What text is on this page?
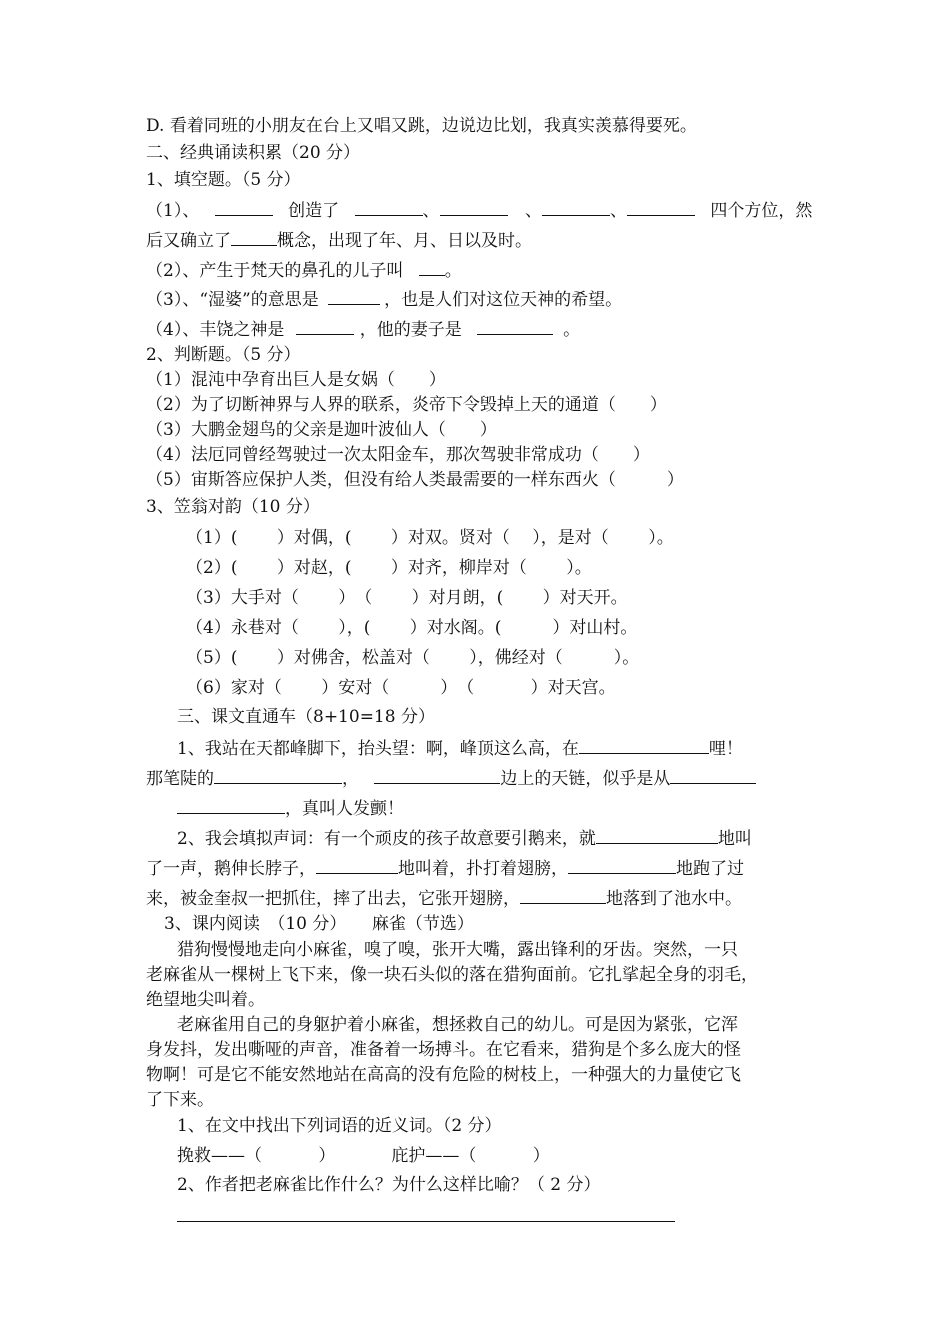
D. 看着同班的小朋友在台上又唱又跳，边说边比划，我真实羡慕得要死。
二、经典诵读积累（20 分）
1、填空题。（5 分）
（1）、	创造了	、	、	、	四个方位，然
后又确立了	概念，出现了年、月、日以及时。
（2）、产生于梵天的鼻孔的儿子叫 。
（3）、“湿婆”的意思是	，也是人们对这位天神的希望。
（4）、丰饶之神是	，他的妻子是	。
2、判断题。（5 分）
（1）混沌中孕育出巨人是女娲（　　）
（2）为了切断神界与人界的联系，炎帝下令毁掉上天的通道（　　）
（3）大鹏金翅鸟的父亲是迦叶波仙人（　　）
（4）法厄同曾经驾驶过一次太阳金车，那次驾驶非常成功（　　）
（5）宙斯答应保护人类，但没有给人类最需要的一样东西火（　　　）
3、笠翁对韵（10 分）
（1）(　　 ）对偶，(　　 ）对双。贤对（　 ），是对（　　 ）。
（2）(　　 ）对赵，(　　 ）对齐，柳岸对（　　 ）。
（3）大手对（　　 ）　（　　 ）对月朗，(　　 ）对天开。
（4）永巷对（　　 ），(　　 ）对水阁。(　　　）对山村。
（5）(　　 ）对佛舍，松盖对（　　 ），佛经对（　　　）。
（6）家对（　　 ）安对（　　　）　（　　　 ）对天宫。
三、课文直通车（8+10=18 分）
1、我站在天都峰脚下，抬头望：啊，峰顶这么高，在	哩！
那笔陡的	，	边上的天链，似乎是从
，真叫人发颤！
2、我会填拟声词：有一个顽皮的孩子故意要引鹅来，就	地叫
了一声，鹅伸长脖子，	地叫着，扑打着翅膀，	地跑了过
来，被金奎叔一把抓住，摔了出去，它张开翅膀，	地落到了池水中。
3、课内阅读　（10 分）　　麻雀（节选）
猎狗慢慢地走向小麻雀，嗅了嗅，张开大嘴，露出锋利的牙齿。突然，一只
老麻雀从一棵树上飞下来，像一块石头似的落在猎狗面前。它扎挲起全身的羽毛，
绝望地尖叫着。
老麻雀用自己的身躯护着小麻雀，想拯救自己的幼儿。可是因为紧张，它浑
身发抖，发出嘶哑的声音，准备着一场搏斗。在它看来，猎狗是个多么庞大的怪
物啊！可是它不能安然地站在高高的没有危险的树枝上，一种强大的力量使它飞
了下来。
1、在文中找出下列词语的近义词。（2 分）
挽救——（　　　 ）	庇护——（　　　 ）
2、作者把老麻雀比作什么？为什么这样比喻？（ 2 分）
